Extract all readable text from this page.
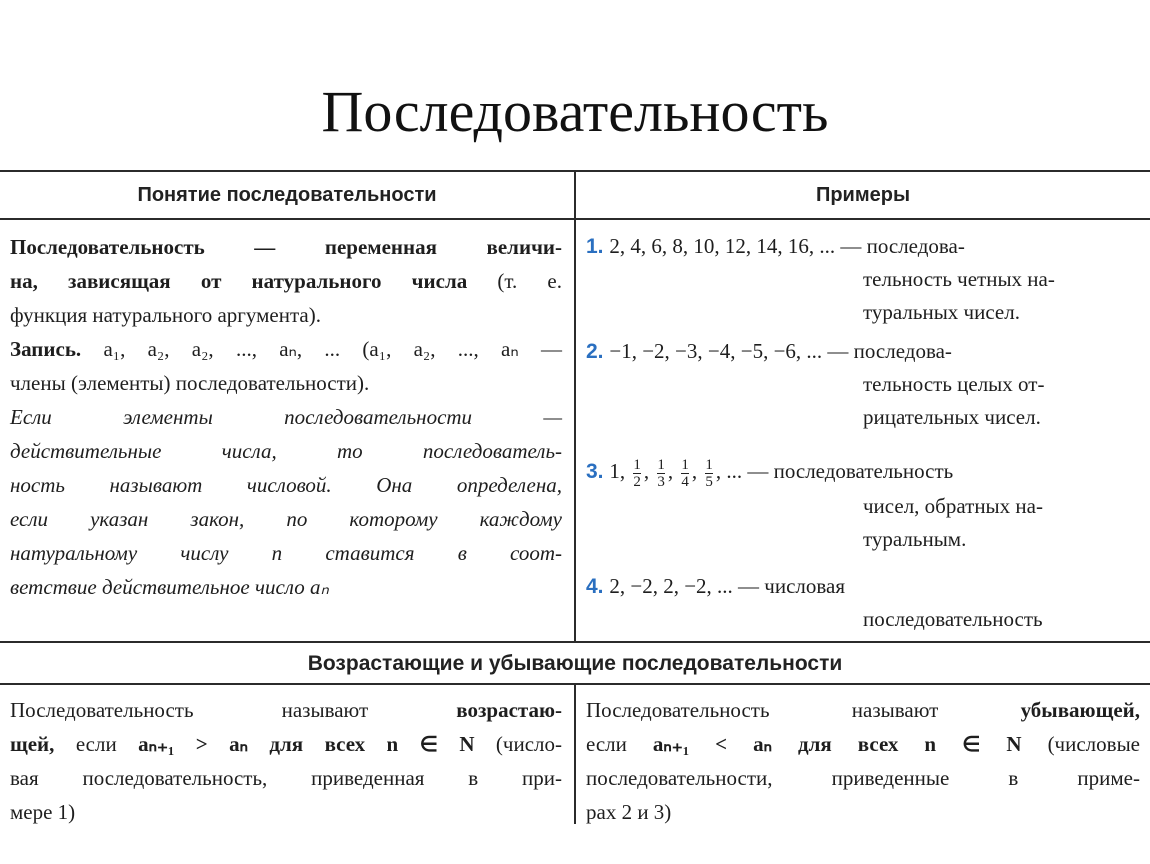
Последовательность
Понятие последовательности	Примеры
Последовательность — переменная величи-
на, зависящая от натурального числа (т. е.
функция натурального аргумента).
Запись. a₁, a₂, a₂, ..., aₙ, ... (a₁, a₂, ..., aₙ —
члены (элементы) последовательности).
Если элементы последовательности —
действительные числа, то последователь-
ность называют числовой. Она определена,
если указан закон, по которому каждому
натуральному числу n ставится в соот-
ветствие действительное число aₙ
1. 2, 4, 6, 8, 10, 12, 14, 16, ... — последова-
тельность четных на-
туральных чисел.
2. −1, −2, −3, −4, −5, −6, ... — последова-
тельность целых от-
рицательных чисел.
3. 1, $\frac{1}{2}$ , $\frac{1}{3}$ , $\frac{1}{4}$ , $\frac{1}{5}$ , ... — последовательность
чисел, обратных на-
туральным.
4. 2, −2, 2, −2, ... — числовая
последовательность
Возрастающие и убывающие последовательности
Последовательность называют возрастаю-
щей, если aₙ₊₁ > aₙ для всех n ∈ N (число-
вая последовательность, приведенная в при-
мере 1)
Последовательность называют убывающей,
если aₙ₊₁ < aₙ для всех n ∈ N (числовые
последовательности, приведенные в приме-
рах 2 и 3)
